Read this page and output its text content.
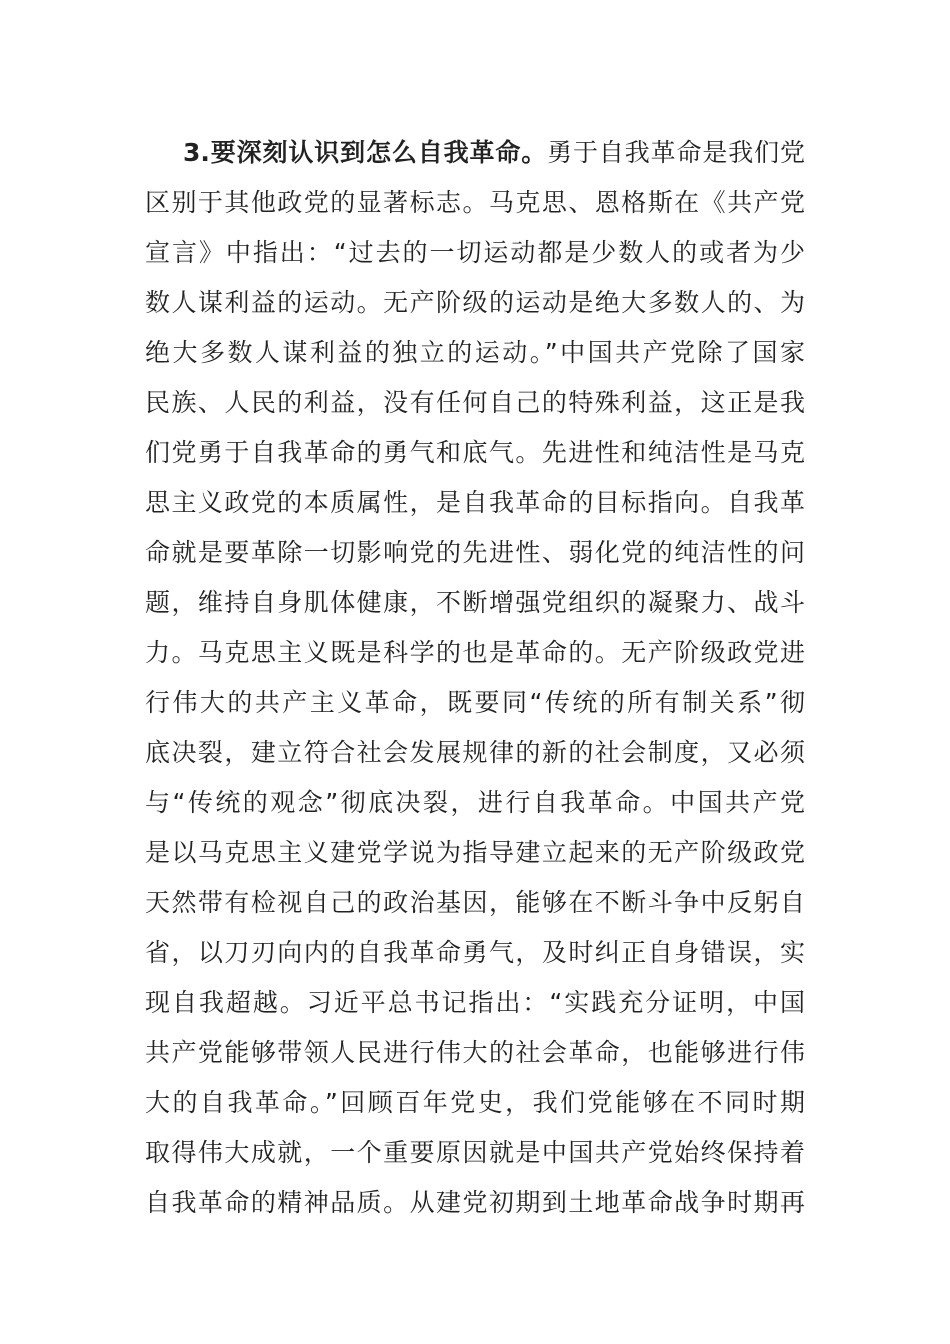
3.要深刻认识到怎么自我革命。勇于自我革命是我们党
区别于其他政党的显著标志。马克思、恩格斯在《共产党
宣言》中指出：“过去的一切运动都是少数人的或者为少
数人谋利益的运动。无产阶级的运动是绝大多数人的、为
绝大多数人谋利益的独立的运动。”中国共产党除了国家
民族、人民的利益，没有任何自己的特殊利益，这正是我
们党勇于自我革命的勇气和底气。先进性和纯洁性是马克
思主义政党的本质属性，是自我革命的目标指向。自我革
命就是要革除一切影响党的先进性、弱化党的纯洁性的问
题，维持自身肌体健康，不断增强党组织的凝聚力、战斗
力。马克思主义既是科学的也是革命的。无产阶级政党进
行伟大的共产主义革命，既要同“传统的所有制关系”彻
底决裂，建立符合社会发展规律的新的社会制度，又必须
与“传统的观念”彻底决裂，进行自我革命。中国共产党
是以马克思主义建党学说为指导建立起来的无产阶级政党
天然带有检视自己的政治基因，能够在不断斗争中反躬自
省，以刀刃向内的自我革命勇气，及时纠正自身错误，实
现自我超越。习近平总书记指出：“实践充分证明，中国
共产党能够带领人民进行伟大的社会革命，也能够进行伟
大的自我革命。”回顾百年党史，我们党能够在不同时期
取得伟大成就，一个重要原因就是中国共产党始终保持着
自我革命的精神品质。从建党初期到土地革命战争时期再
